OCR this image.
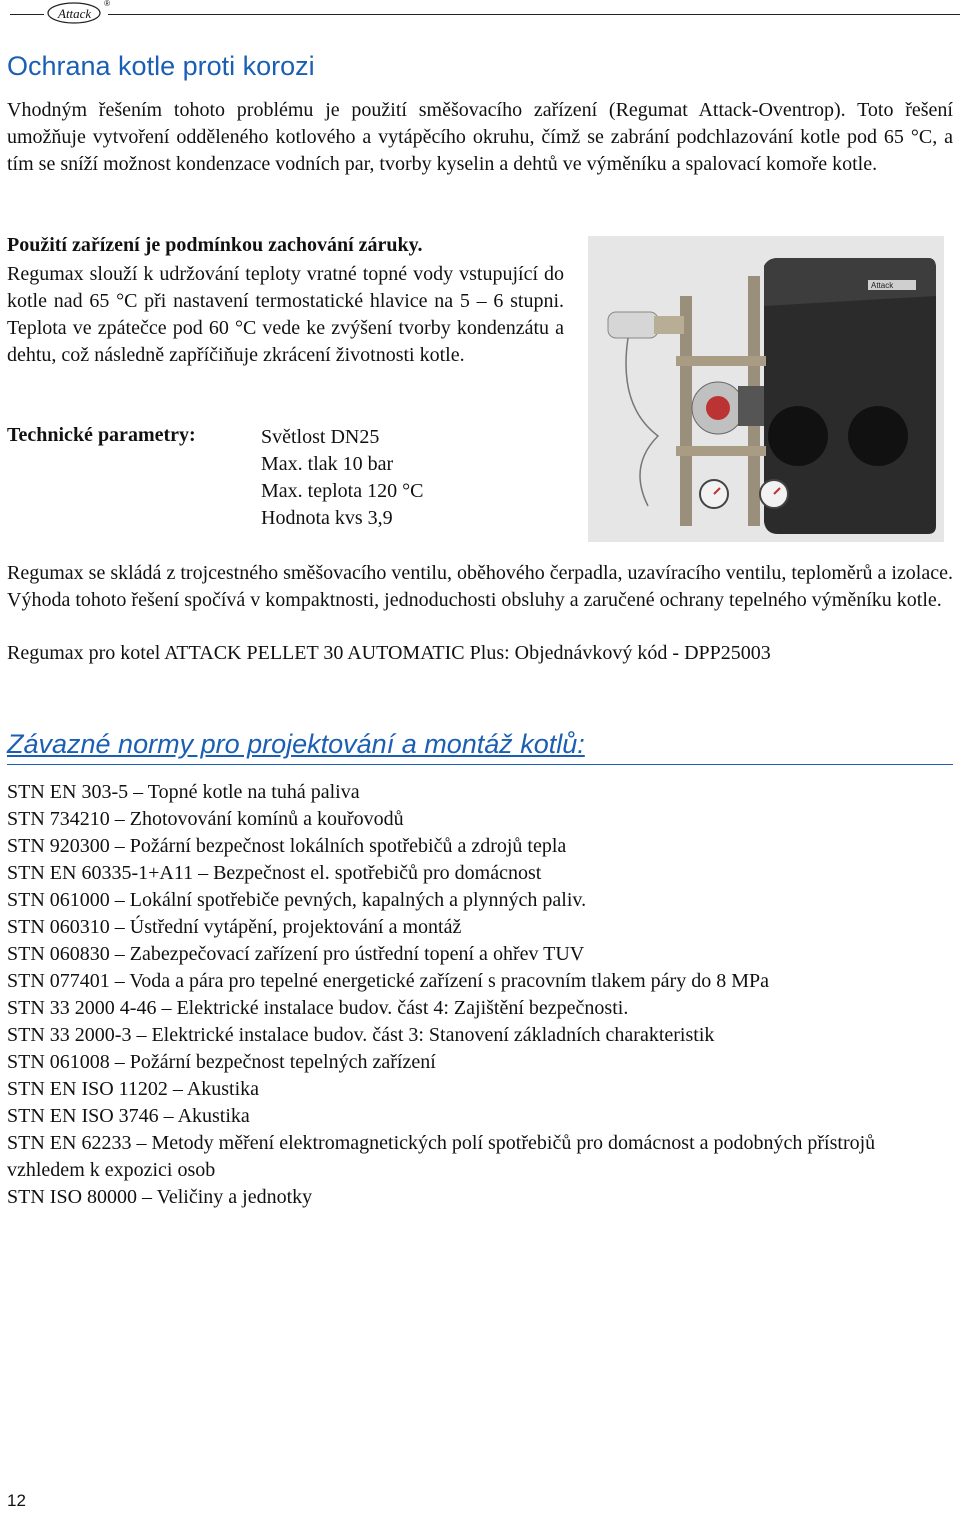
Attack
®
Ochrana kotle proti korozi
Vhodným řešením tohoto problému je použití směšovacího zařízení (Regumat Attack-Oventrop). Toto řešení umožňuje vytvoření odděleného kotlového a vytápěcího okruhu, čímž se zabrání podchlazování kotle pod 65 °C, a tím se sníží možnost kondenzace vodních par, tvorby kyselin a dehtů ve výměníku a spalovací komoře kotle.
Použití zařízení je podmínkou zachování záruky.
Regumax slouží k udržování teploty vratné topné vody vstupující do kotle nad 65 °C při nastavení termostatické hlavice na 5 – 6 stupni. Teplota ve zpátečce pod 60 °C vede ke zvýšení tvorby kondenzátu a dehtu, což následně zapříčiňuje zkrácení životnosti kotle.
Technické parametry:	Světlost DN25
Max. tlak 10 bar
Max. teplota 120 °C
Hodnota kvs 3,9
Attack
Regumax se skládá z trojcestného směšovacího ventilu, oběhového čerpadla, uzavíracího ventilu, teploměrů a izolace. Výhoda tohoto řešení spočívá v kompaktnosti, jednoduchosti obsluhy a zaručené ochrany tepelného výměníku kotle.
Regumax pro kotel ATTACK PELLET 30 AUTOMATIC Plus: Objednávkový kód - DPP25003
Závazné normy pro projektování a montáž kotlů:
STN EN 303-5 – Topné kotle na tuhá paliva
STN 734210 – Zhotovování komínů a kouřovodů
STN 920300 – Požární bezpečnost lokálních spotřebičů a zdrojů tepla
STN EN 60335-1+A11 – Bezpečnost el. spotřebičů pro domácnost
STN 061000 – Lokální spotřebiče pevných, kapalných a plynných paliv.
STN 060310 – Ústřední vytápění, projektování a montáž
STN 060830 – Zabezpečovací zařízení pro ústřední topení a ohřev TUV
STN 077401 – Voda a pára pro tepelné energetické zařízení s pracovním tlakem páry do 8 MPa
STN 33 2000 4-46 – Elektrické instalace budov. část 4: Zajištění bezpečnosti.
STN 33 2000-3 – Elektrické instalace budov. část 3: Stanovení základních charakteristik
STN 061008 – Požární bezpečnost tepelných zařízení
STN EN ISO 11202 – Akustika
STN EN ISO 3746 – Akustika
STN EN 62233 – Metody měření elektromagnetických polí spotřebičů pro domácnost a podobných přístrojů vzhledem k expozici osob
STN ISO 80000 – Veličiny a jednotky
12
